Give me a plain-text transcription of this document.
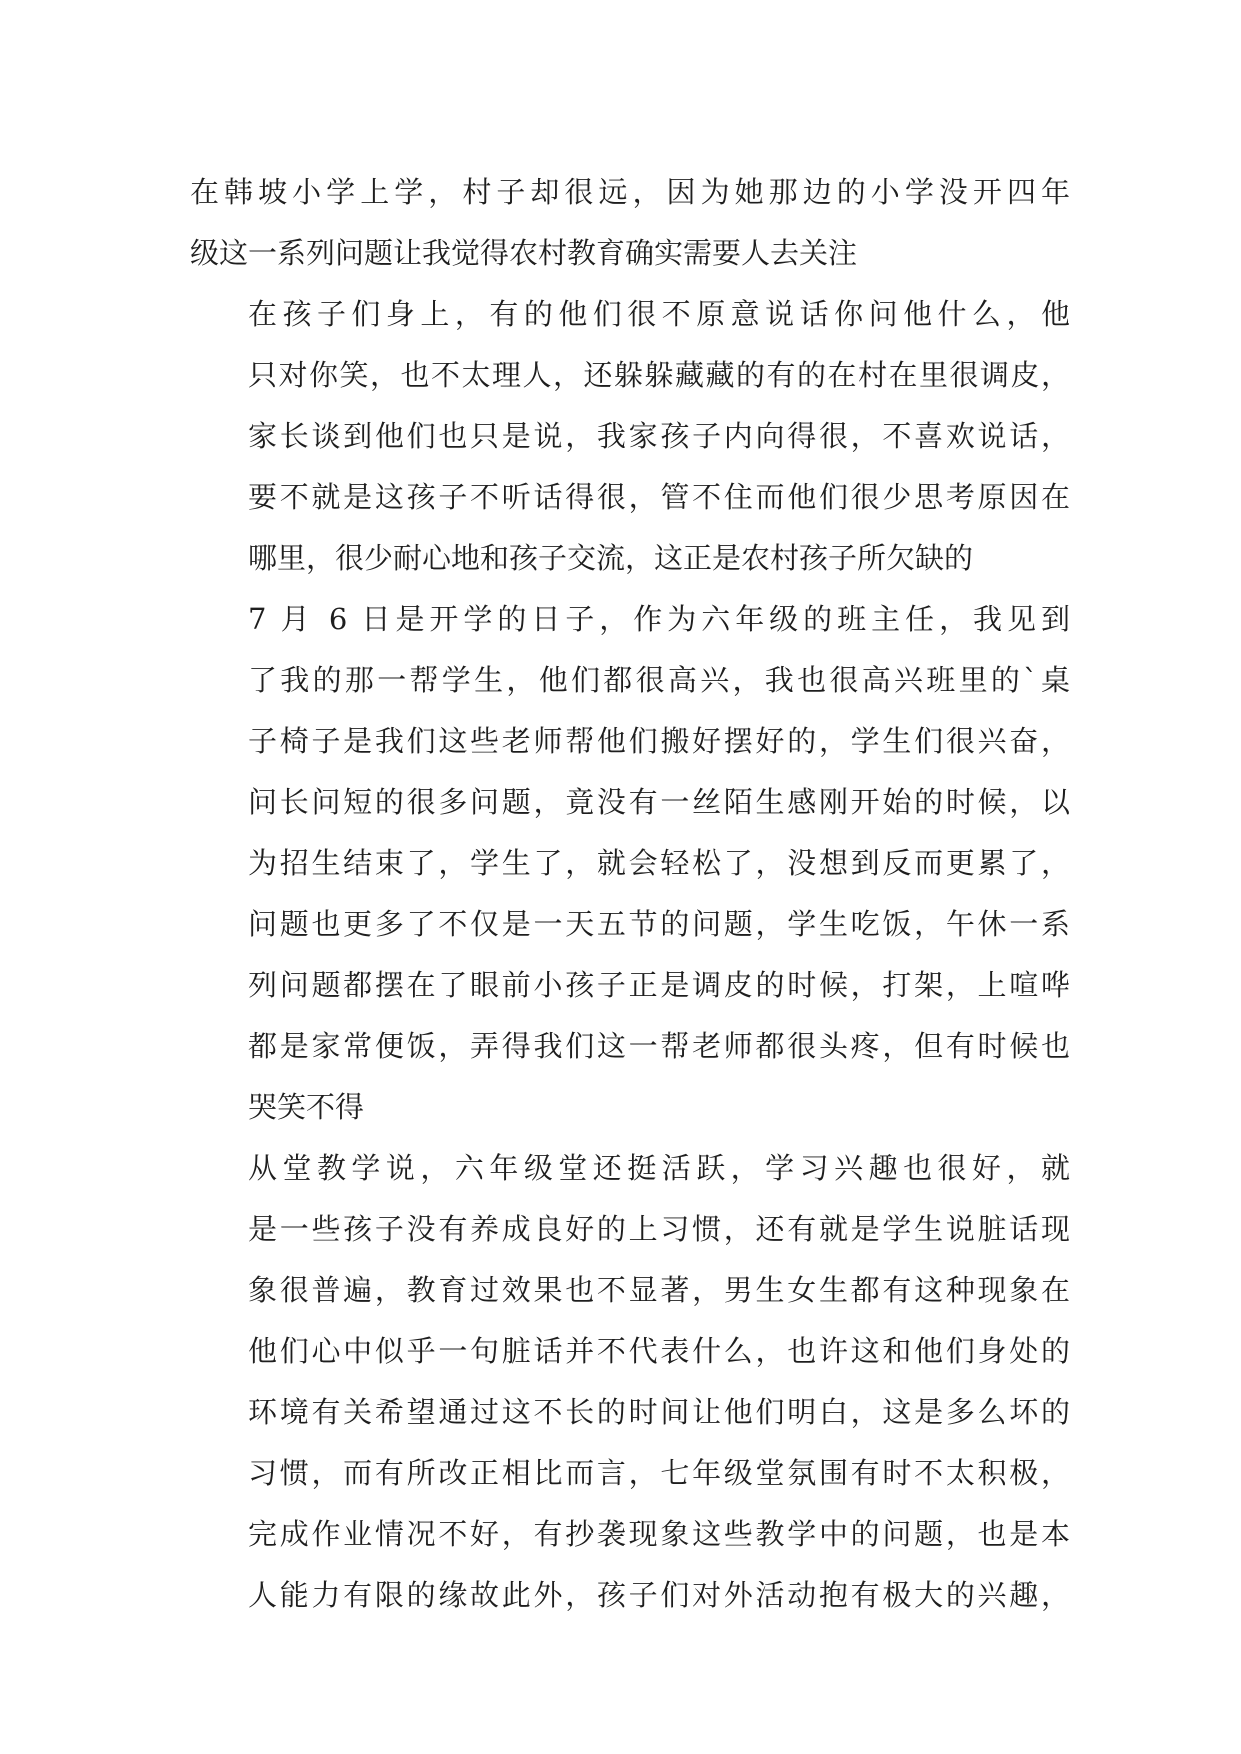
在韩坡小学上学，村子却很远，因为她那边的小学没开四年
级这一系列问题让我觉得农村教育确实需要人去关注
在孩子们身上，有的他们很不原意说话你问他什么，他
只对你笑，也不太理人，还躲躲藏藏的有的在村在里很调皮，
家长谈到他们也只是说，我家孩子内向得很，不喜欢说话，
要不就是这孩子不听话得很，管不住而他们很少思考原因在
哪里，很少耐心地和孩子交流，这正是农村孩子所欠缺的
7 月 6 日是开学的日子，作为六年级的班主任，我见到
了我的那一帮学生，他们都很高兴，我也很高兴班里的`桌
子椅子是我们这些老师帮他们搬好摆好的，学生们很兴奋，
问长问短的很多问题，竟没有一丝陌生感刚开始的时候，以
为招生结束了，学生了，就会轻松了，没想到反而更累了，
问题也更多了不仅是一天五节的问题，学生吃饭，午休一系
列问题都摆在了眼前小孩子正是调皮的时候，打架，上喧哗
都是家常便饭，弄得我们这一帮老师都很头疼，但有时候也
哭笑不得
从堂教学说，六年级堂还挺活跃，学习兴趣也很好，就
是一些孩子没有养成良好的上习惯，还有就是学生说脏话现
象很普遍，教育过效果也不显著，男生女生都有这种现象在
他们心中似乎一句脏话并不代表什么，也许这和他们身处的
环境有关希望通过这不长的时间让他们明白，这是多么坏的
习惯，而有所改正相比而言，七年级堂氛围有时不太积极，
完成作业情况不好，有抄袭现象这些教学中的问题，也是本
人能力有限的缘故此外，孩子们对外活动抱有极大的兴趣，
